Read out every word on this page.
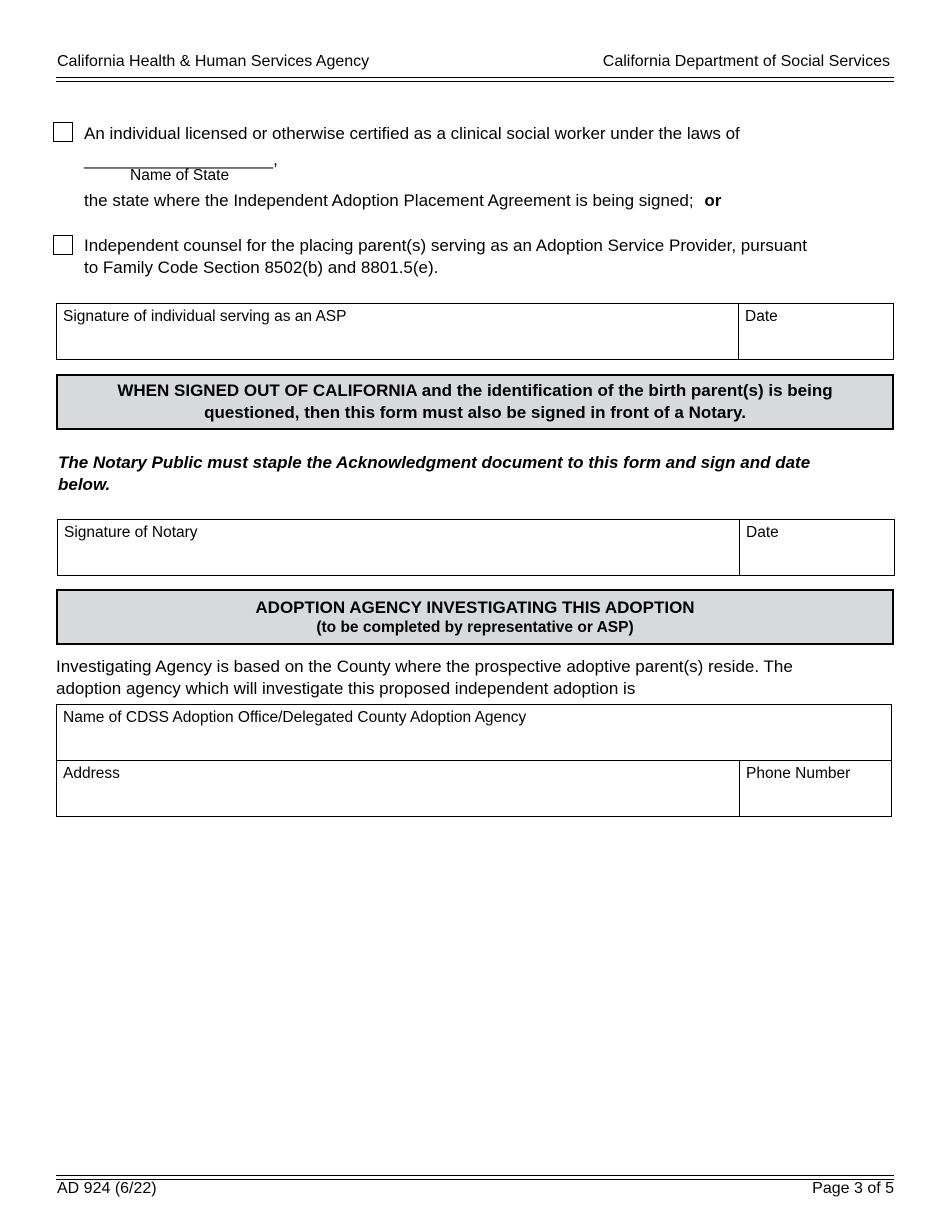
California Health & Human Services Agency	California Department of Social Services
An individual licensed or otherwise certified as a clinical social worker under the laws of
____________________,
Name of State
the state where the Independent Adoption Placement Agreement is being signed; or
Independent counsel for the placing parent(s) serving as an Adoption Service Provider, pursuant
to Family Code Section 8502(b) and 8801.5(e).
Signature of individual serving as an ASP	Date
WHEN SIGNED OUT OF CALIFORNIA and the identification of the birth parent(s) is being
questioned, then this form must also be signed in front of a Notary.
The Notary Public must staple the Acknowledgment document to this form and sign and date
below.
Signature of Notary	Date
ADOPTION AGENCY INVESTIGATING THIS ADOPTION
(to be completed by representative or ASP)
Investigating Agency is based on the County where the prospective adoptive parent(s) reside. The
adoption agency which will investigate this proposed independent adoption is
Name of CDSS Adoption Office/Delegated County Adoption Agency
Address	Phone Number
AD 924 (6/22)	Page 3 of 5
